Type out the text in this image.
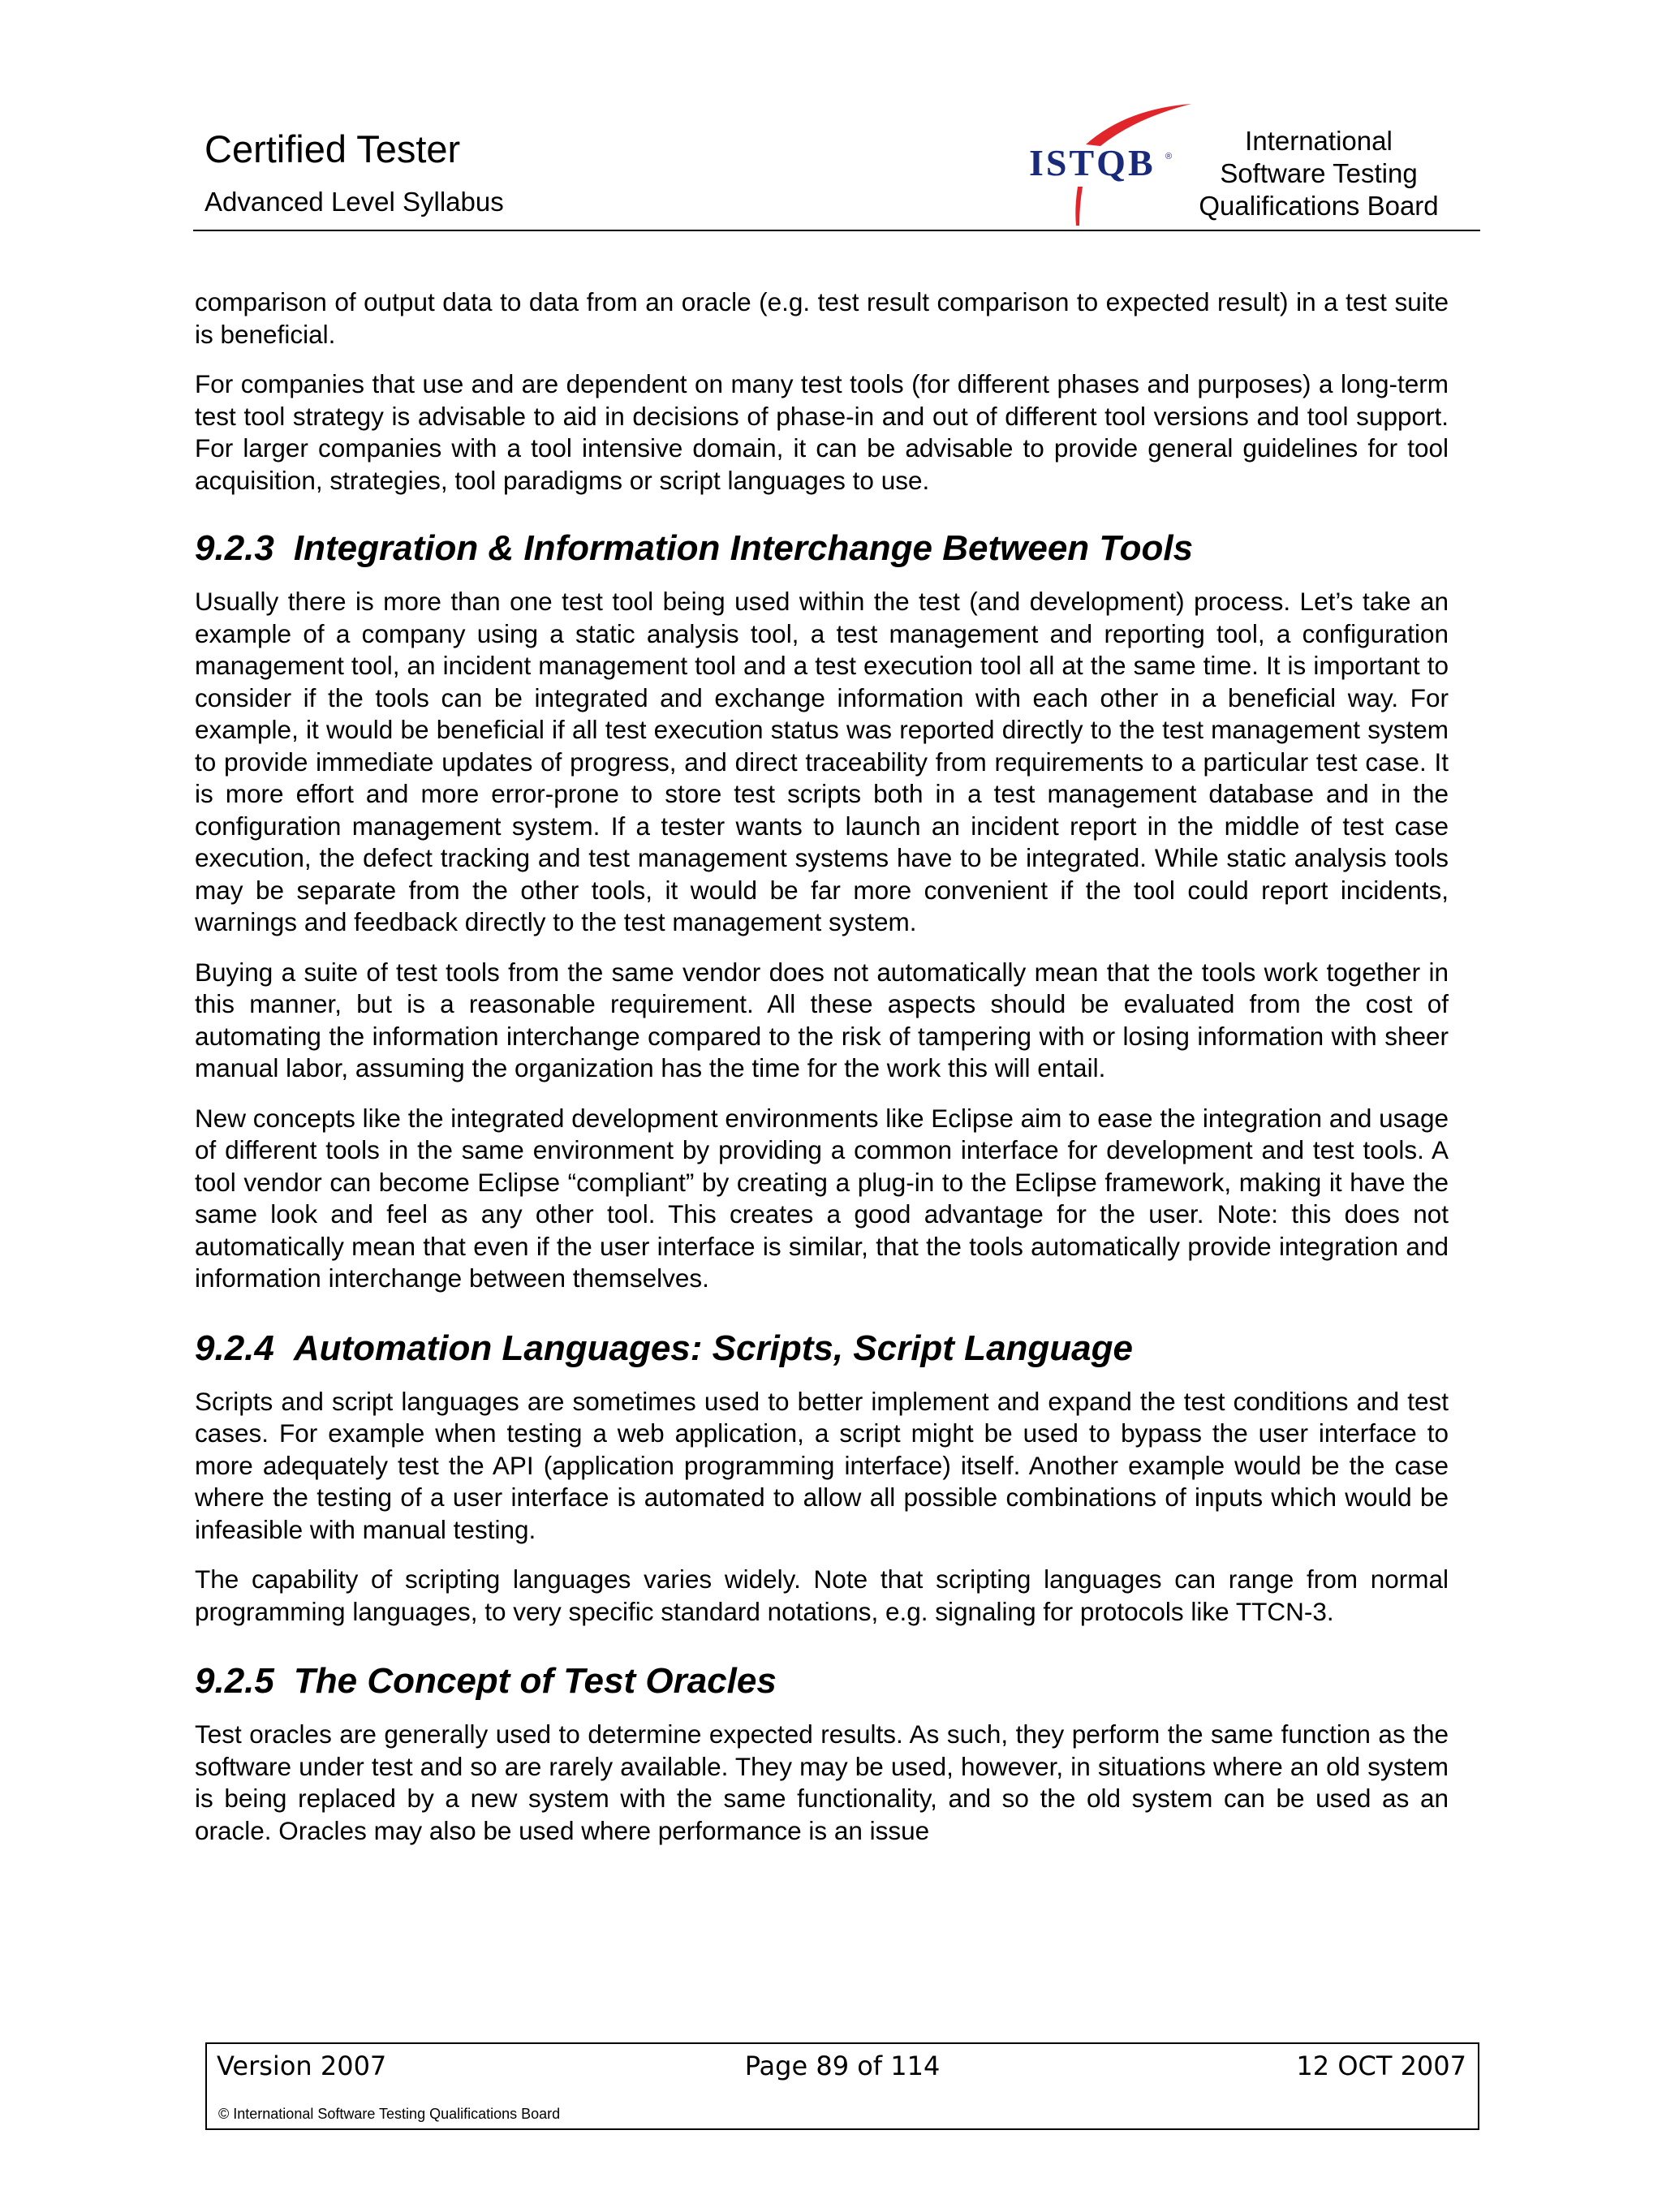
Certified Tester
Advanced Level Syllabus
ISTQB ®
International
Software Testing
Qualifications Board

comparison of output data to data from an oracle (e.g. test result comparison to expected result) in a test suite is beneficial.

For companies that use and are dependent on many test tools (for different phases and purposes) a long-term test tool strategy is advisable to aid in decisions of phase-in and out of different tool versions and tool support. For larger companies with a tool intensive domain, it can be advisable to provide general guidelines for tool acquisition, strategies, tool paradigms or script languages to use.

9.2.3 Integration & Information Interchange Between Tools

Usually there is more than one test tool being used within the test (and development) process. Let’s take an example of a company using a static analysis tool, a test management and reporting tool, a configuration management tool, an incident management tool and a test execution tool all at the same time. It is important to consider if the tools can be integrated and exchange information with each other in a beneficial way. For example, it would be beneficial if all test execution status was reported directly to the test management system to provide immediate updates of progress, and direct traceability from requirements to a particular test case. It is more effort and more error-prone to store test scripts both in a test management database and in the configuration management system. If a tester wants to launch an incident report in the middle of test case execution, the defect tracking and test management systems have to be integrated. While static analysis tools may be separate from the other tools, it would be far more convenient if the tool could report incidents, warnings and feedback directly to the test management system.

Buying a suite of test tools from the same vendor does not automatically mean that the tools work together in this manner, but is a reasonable requirement. All these aspects should be evaluated from the cost of automating the information interchange compared to the risk of tampering with or losing information with sheer manual labor, assuming the organization has the time for the work this will entail.

New concepts like the integrated development environments like Eclipse aim to ease the integration and usage of different tools in the same environment by providing a common interface for development and test tools. A tool vendor can become Eclipse “compliant” by creating a plug-in to the Eclipse framework, making it have the same look and feel as any other tool. This creates a good advantage for the user. Note: this does not automatically mean that even if the user interface is similar, that the tools automatically provide integration and information interchange between themselves.

9.2.4 Automation Languages: Scripts, Script Language

Scripts and script languages are sometimes used to better implement and expand the test conditions and test cases. For example when testing a web application, a script might be used to bypass the user interface to more adequately test the API (application programming interface) itself. Another example would be the case where the testing of a user interface is automated to allow all possible combinations of inputs which would be infeasible with manual testing.

The capability of scripting languages varies widely. Note that scripting languages can range from normal programming languages, to very specific standard notations, e.g. signaling for protocols like TTCN-3.

9.2.5 The Concept of Test Oracles

Test oracles are generally used to determine expected results. As such, they perform the same function as the software under test and so are rarely available. They may be used, however, in situations where an old system is being replaced by a new system with the same functionality, and so the old system can be used as an oracle. Oracles may also be used where performance is an issue

Page 89 of 114
Version 2007	12 OCT 2007
© International Software Testing Qualifications Board
